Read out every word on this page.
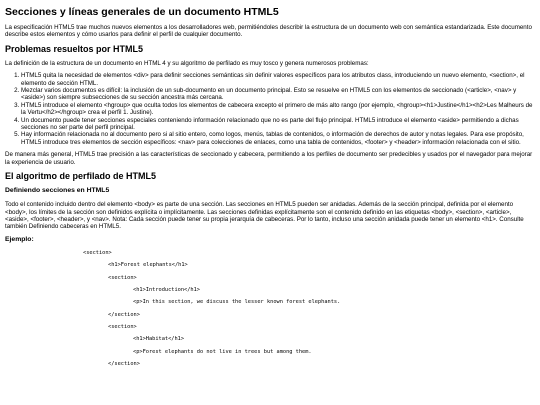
Secciones y líneas generales de un documento HTML5

La especificación HTML5 trae muchos nuevos elementos a los desarrolladores web, permitiéndoles describir la estructura de un documento web con semántica estandarizada. Este documento describe estos elementos y cómo usarlos para definir el perfil de cualquier documento.

Problemas resueltos por HTML5

La definición de la estructura de un documento en HTML 4 y su algoritmo de perfilado es muy tosco y genera numerosos problemas:

1. HTML5 quita la necesidad de elementos <div> para definir secciones semánticas sin definir valores específicos para los atributos class, introduciendo un nuevo elemento, <section>, el elemento de sección HTML.
2. Mezclar varios documentos es difícil: la inclusión de un sub-documento en un documento principal. Esto se resuelve en HTML5 con los elementos de seccionado (<article>, <nav> y <aside>) son siempre subsecciones de su sección ancestra más cercana.
3. HTML5 introduce el elemento <hgroup> que oculta todos los elementos de cabecera excepto el primero de más alto rango (por ejemplo, <hgroup><h1>Justine</h1><h2>Les Malheurs de la Vertu</h2></hgroup> crea el perfil 1. Justine).
4. Un documento puede tener secciones especiales conteniendo información relacionado que no es parte del flujo principal. HTML5 introduce el elemento <aside> permitiendo a dichas secciones no ser parte del perfil principal.
5. Hay información relacionada no al documento pero si al sitio entero, como logos, menús, tablas de contenidos, o información de derechos de autor y notas legales. Para ese propósito, HTML5 introduce tres elementos de sección específicos: <nav> para colecciones de enlaces, como una tabla de contenidos, <footer> y <header> información relacionada con el sitio.

De manera más general, HTML5 trae precisión a las características de seccionado y cabecera, permitiendo a los perfiles de documento ser predecibles y usados por el navegador para mejorar la experiencia de usuario.

El algoritmo de perfilado de HTML5
Definiendo secciones en HTML5

Todo el contenido incluido dentro del elemento <body> es parte de una sección. Las secciones en HTML5 pueden ser anidadas. Además de la sección principal, definida por el elemento <body>, los límites de la sección son definidos explícita o implícitamente. Las secciones definidas explícitamente son el contenido definido en las etiquetas <body>, <section>, <article>, <aside>, <footer>, <header>, y <nav>. Nota: Cada sección puede tener su propia jerarquía de cabeceras. Por lo tanto, incluso una sección anidada puede tener un elemento <h1>. Consulte también Definiendo cabeceras en HTML5.

Ejemplo:
<section>
<h1>Forest elephants</h1>
<section>
<h1>Introduction</h1>
<p>In this section, we discuss the lesser known forest elephants.
</section>
<section>
<h1>Habitat</h1>
<p>Forest elephants do not live in trees but among them.
</section>
